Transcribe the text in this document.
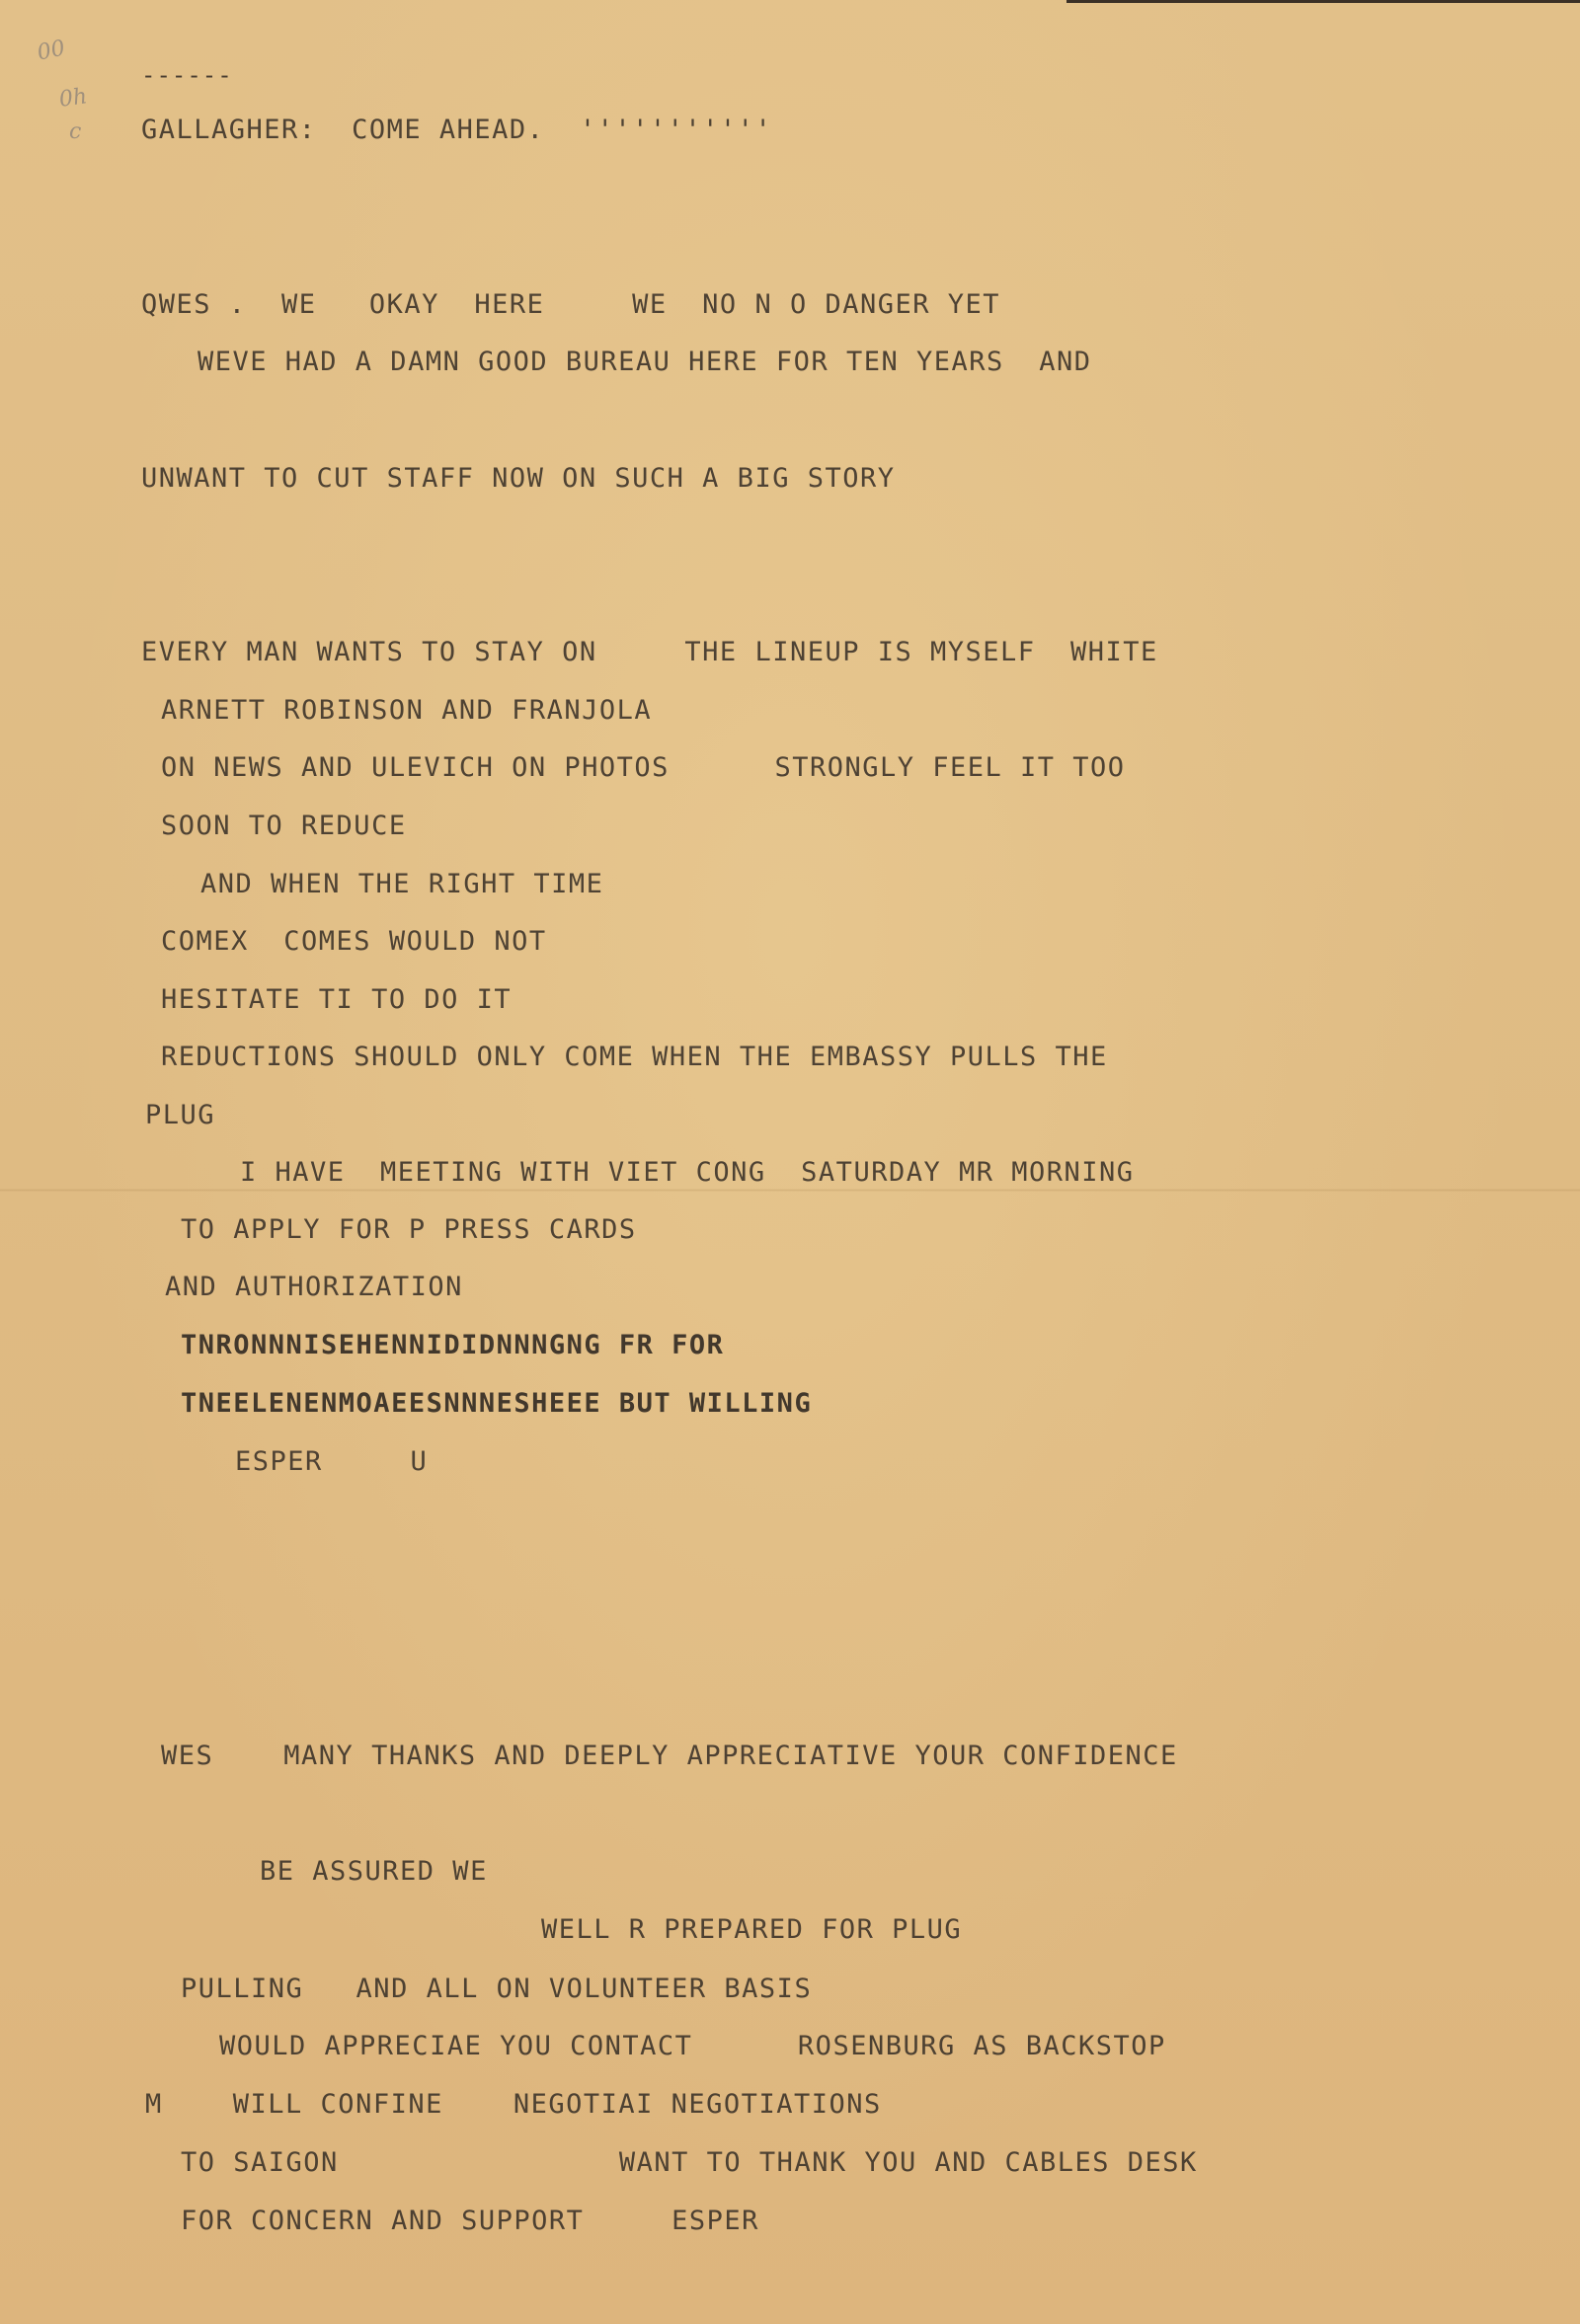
00
0h
c
------
GALLAGHER:  COME AHEAD.  '''''''''''
QWES .  WE   OKAY  HERE     WE  NO N O DANGER YET
WEVE HAD A DAMN GOOD BUREAU HERE FOR TEN YEARS  AND
UNWANT TO CUT STAFF NOW ON SUCH A BIG STORY
EVERY MAN WANTS TO STAY ON     THE LINEUP IS MYSELF  WHITE
ARNETT ROBINSON AND FRANJOLA
ON NEWS AND ULEVICH ON PHOTOS      STRONGLY FEEL IT TOO
SOON TO REDUCE
AND WHEN THE RIGHT TIME
COMEX  COMES WOULD NOT
HESITATE TI TO DO IT
REDUCTIONS SHOULD ONLY COME WHEN THE EMBASSY PULLS THE
PLUG
I HAVE  MEETING WITH VIET CONG  SATURDAY MR MORNING
TO APPLY FOR P PRESS CARDS
AND AUTHORIZATION
TNRONNNISEHENNIDIDNNNGNG FR FOR
TNEELENENMOAEESNNNESHEEE BUT WILLING
ESPER     U
WES    MANY THANKS AND DEEPLY APPRECIATIVE YOUR CONFIDENCE
BE ASSURED WE
WELL R PREPARED FOR PLUG
PULLING   AND ALL ON VOLUNTEER BASIS
WOULD APPRECIAE YOU CONTACT      ROSENBURG AS BACKSTOP
M    WILL CONFINE    NEGOTIAI NEGOTIATIONS
TO SAIGON                WANT TO THANK YOU AND CABLES DESK
FOR CONCERN AND SUPPORT     ESPER
